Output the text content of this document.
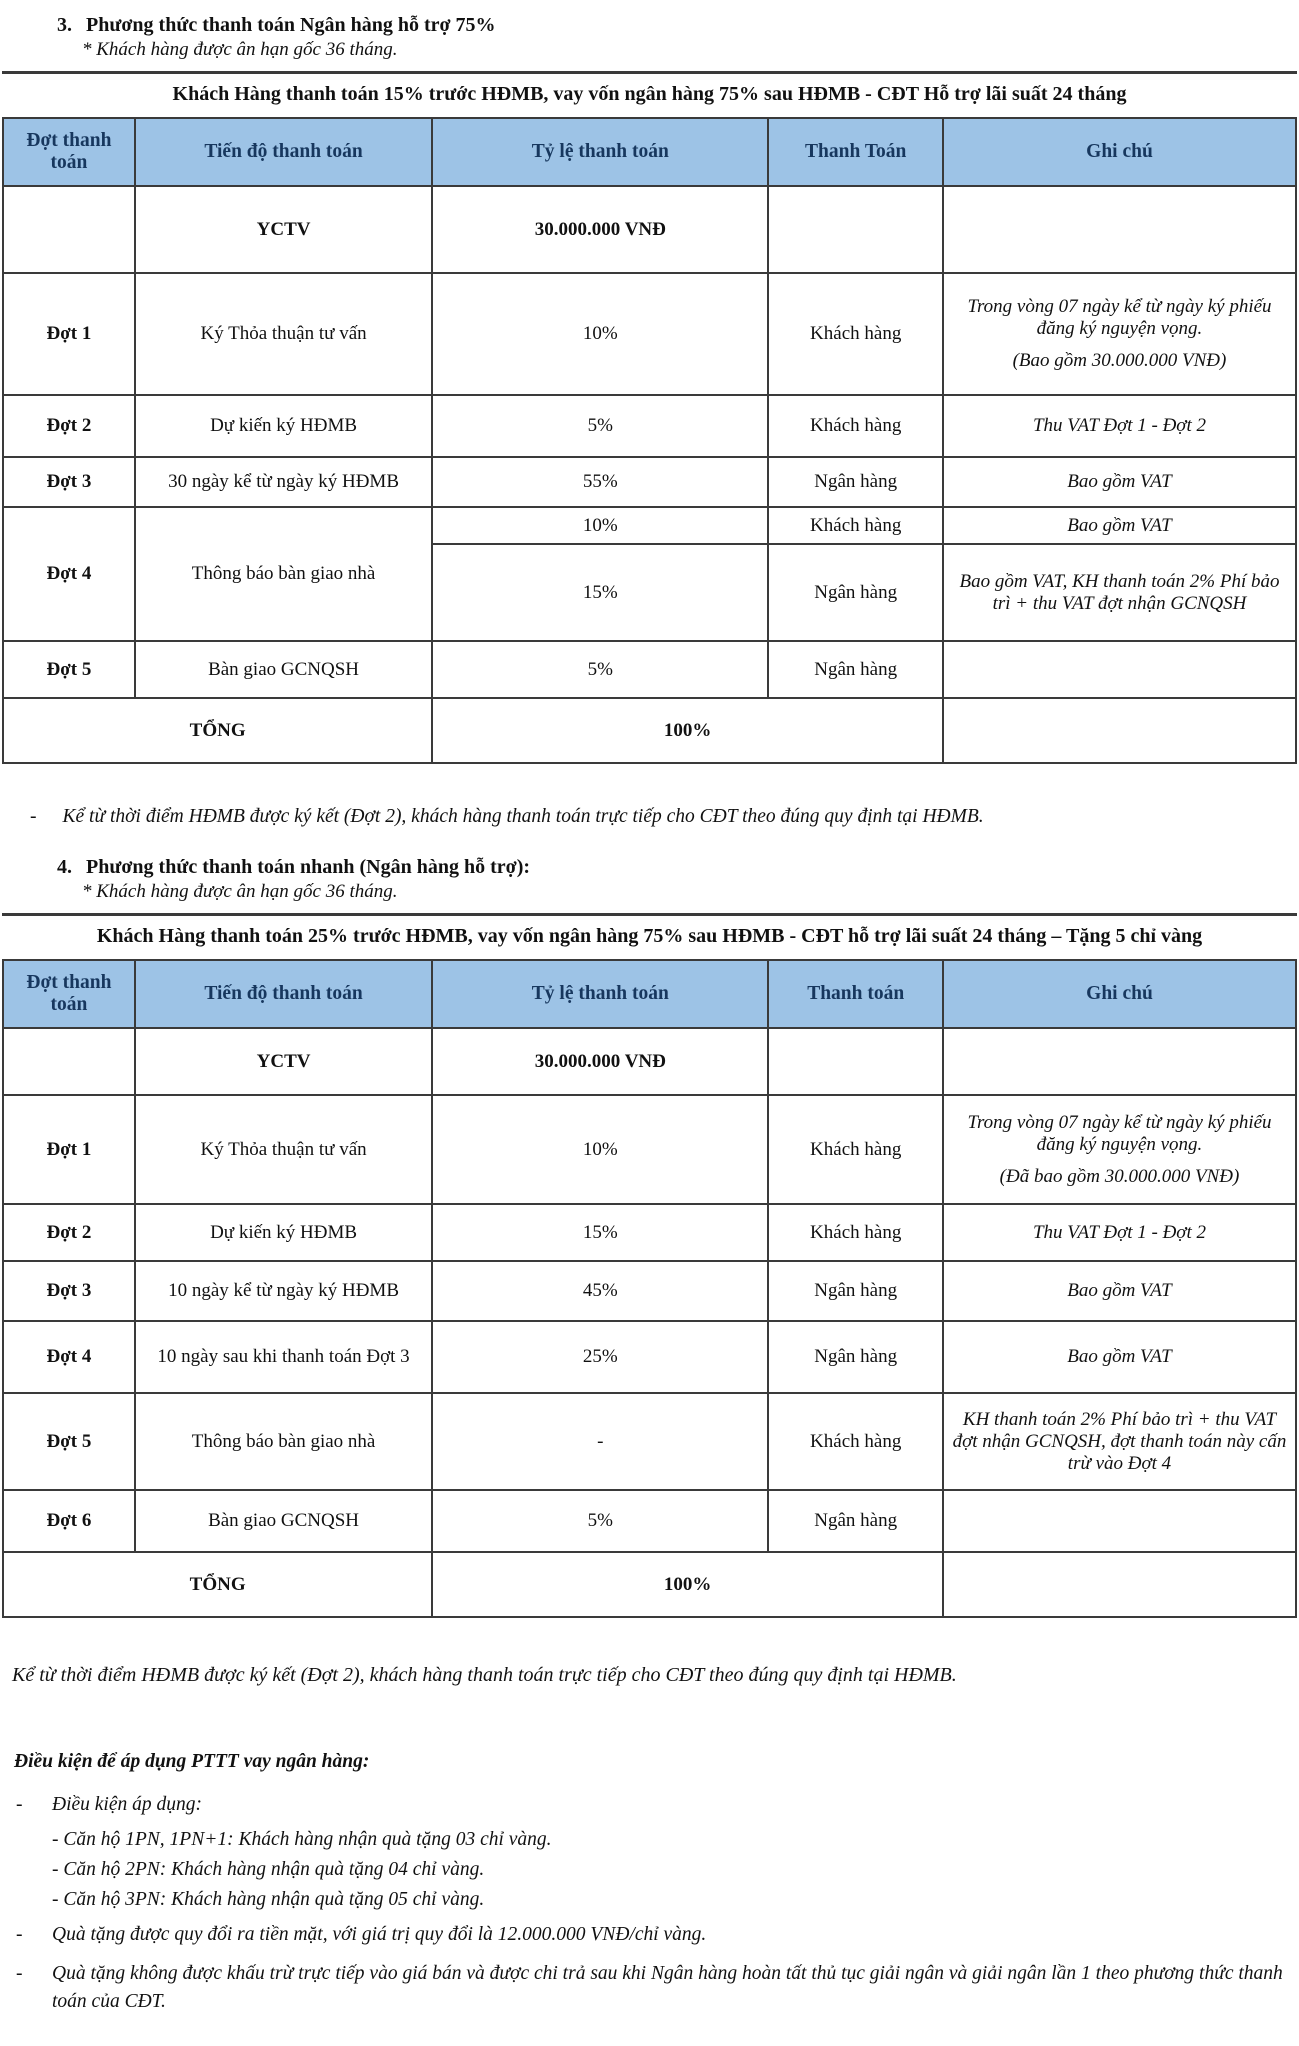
3. Phương thức thanh toán Ngân hàng hỗ trợ 75%
* Khách hàng được ân hạn gốc 36 tháng.
Khách Hàng thanh toán 15% trước HĐMB, vay vốn ngân hàng 75% sau HĐMB - CĐT Hỗ trợ lãi suất 24 tháng
Đợt thanh toán	Tiến độ thanh toán	Tỷ lệ thanh toán	Thanh Toán	Ghi chú
	YCTV	30.000.000 VNĐ		
Đợt 1	Ký Thỏa thuận tư vấn	10%	Khách hàng	Trong vòng 07 ngày kể từ ngày ký phiếu đăng ký nguyện vọng.
(Bao gồm 30.000.000 VNĐ)

Đợt 2	Dự kiến ký HĐMB	5%	Khách hàng	Thu VAT Đợt 1 - Đợt 2
Đợt 3	30 ngày kể từ ngày ký HĐMB	55%	Ngân hàng	Bao gồm VAT
Đợt 4	Thông báo bàn giao nhà	10%	Khách hàng	Bao gồm VAT
		15%	Ngân hàng	Bao gồm VAT, KH thanh toán 2% Phí bảo trì + thu VAT đợt nhận GCNQSH
Đợt 5	Bàn giao GCNQSH	5%	Ngân hàng	
TỔNG		100%		
- Kể từ thời điểm HĐMB được ký kết (Đợt 2), khách hàng thanh toán trực tiếp cho CĐT theo đúng quy định tại HĐMB.
4. Phương thức thanh toán nhanh (Ngân hàng hỗ trợ):
* Khách hàng được ân hạn gốc 36 tháng.
Khách Hàng thanh toán 25% trước HĐMB, vay vốn ngân hàng 75% sau HĐMB - CĐT hỗ trợ lãi suất 24 tháng – Tặng 5 chỉ vàng
Đợt thanh toán	Tiến độ thanh toán	Tỷ lệ thanh toán	Thanh toán	Ghi chú
	YCTV	30.000.000 VNĐ		
Đợt 1	Ký Thỏa thuận tư vấn	10%	Khách hàng	Trong vòng 07 ngày kể từ ngày ký phiếu đăng ký nguyện vọng.
(Đã bao gồm 30.000.000 VNĐ)

Đợt 2	Dự kiến ký HĐMB	15%	Khách hàng	Thu VAT Đợt 1 - Đợt 2
Đợt 3	10 ngày kể từ ngày ký HĐMB	45%	Ngân hàng	Bao gồm VAT
Đợt 4	10 ngày sau khi thanh toán Đợt 3	25%	Ngân hàng	Bao gồm VAT
Đợt 5	Thông báo bàn giao nhà	-	Khách hàng	KH thanh toán 2% Phí bảo trì + thu VAT đợt nhận GCNQSH, đợt thanh toán này cấn trừ vào Đợt 4
Đợt 6	Bàn giao GCNQSH	5%	Ngân hàng	
TỔNG		100%		
Kể từ thời điểm HĐMB được ký kết (Đợt 2), khách hàng thanh toán trực tiếp cho CĐT theo đúng quy định tại HĐMB.
Điều kiện để áp dụng PTTT vay ngân hàng:
- Điều kiện áp dụng:
- Căn hộ 1PN, 1PN+1: Khách hàng nhận quà tặng 03 chỉ vàng.
- Căn hộ 2PN: Khách hàng nhận quà tặng 04 chỉ vàng.
- Căn hộ 3PN: Khách hàng nhận quà tặng 05 chỉ vàng.
- Quà tặng được quy đổi ra tiền mặt, với giá trị quy đổi là 12.000.000 VNĐ/chỉ vàng.
- Quà tặng không được khấu trừ trực tiếp vào giá bán và được chi trả sau khi Ngân hàng hoàn tất thủ tục giải ngân và giải ngân lần 1 theo phương thức thanh toán của CĐT.
